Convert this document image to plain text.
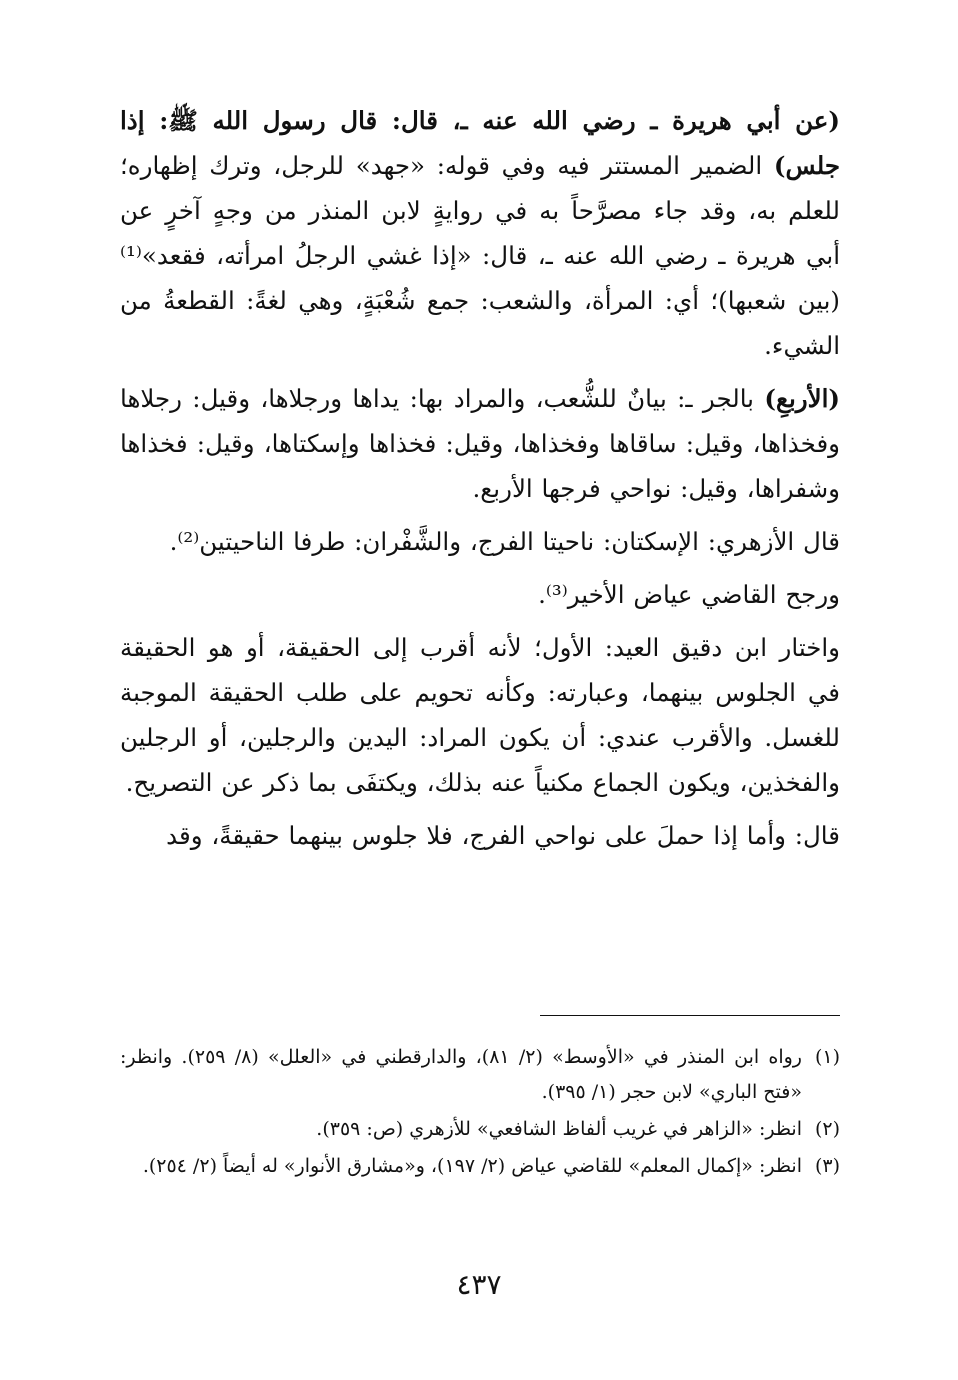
(عن أبي هريرة ـ رضي الله عنه ـ، قال: قال رسول الله ﷺ: إذا جلس) الضمير المستتر فيه وفي قوله: «جهد» للرجل، وترك إظهاره؛ للعلم به، وقد جاء مصرَّحاً به في روايةٍ لابن المنذر من وجهٍ آخرٍ عن أبي هريرة ـ رضي الله عنه ـ، قال: «إذا غشي الرجلُ امرأته، فقعد»⁽¹⁾ (بين شعبها)؛ أي: المرأة، والشعب: جمع شُعْبَةٍ، وهي لغةً: القطعةُ من الشيء.
(الأربعِ) بالجر ـ: بيانٌ للشُّعب، والمراد بها: يداها ورجلاها، وقيل: رجلاها وفخذاها، وقيل: ساقاها وفخذاها، وقيل: فخذاها وإسكتاها، وقيل: فخذاها وشفراها، وقيل: نواحي فرجها الأربع.
قال الأزهري: الإسكتان: ناحيتا الفرج، والشَّفْران: طرفا الناحيتين⁽²⁾.
ورجح القاضي عياض الأخير⁽³⁾.
واختار ابن دقيق العيد: الأول؛ لأنه أقرب إلى الحقيقة، أو هو الحقيقة في الجلوس بينهما، وعبارته: وكأنه تحويم على طلب الحقيقة الموجبة للغسل. والأقرب عندي: أن يكون المراد: اليدين والرجلين، أو الرجلين والفخذين، ويكون الجماع مكنياً عنه بذلك، ويكتفَى بما ذكر عن التصريح.
قال: وأما إذا حملَ على نواحي الفرج، فلا جلوس بينهما حقيقةً، وقد
(١)
رواه ابن المنذر في «الأوسط» (٢/ ٨١)، والدارقطني في «العلل» (٨/ ٢٥٩). وانظر: «فتح الباري» لابن حجر (١/ ٣٩٥).
(٢)
انظر: «الزاهر في غريب ألفاظ الشافعي» للأزهري (ص: ٣٥٩).
(٣)
انظر: «إكمال المعلم» للقاضي عياض (٢/ ١٩٧)، و«مشارق الأنوار» له أيضاً (٢/ ٢٥٤).
٤٣٧
